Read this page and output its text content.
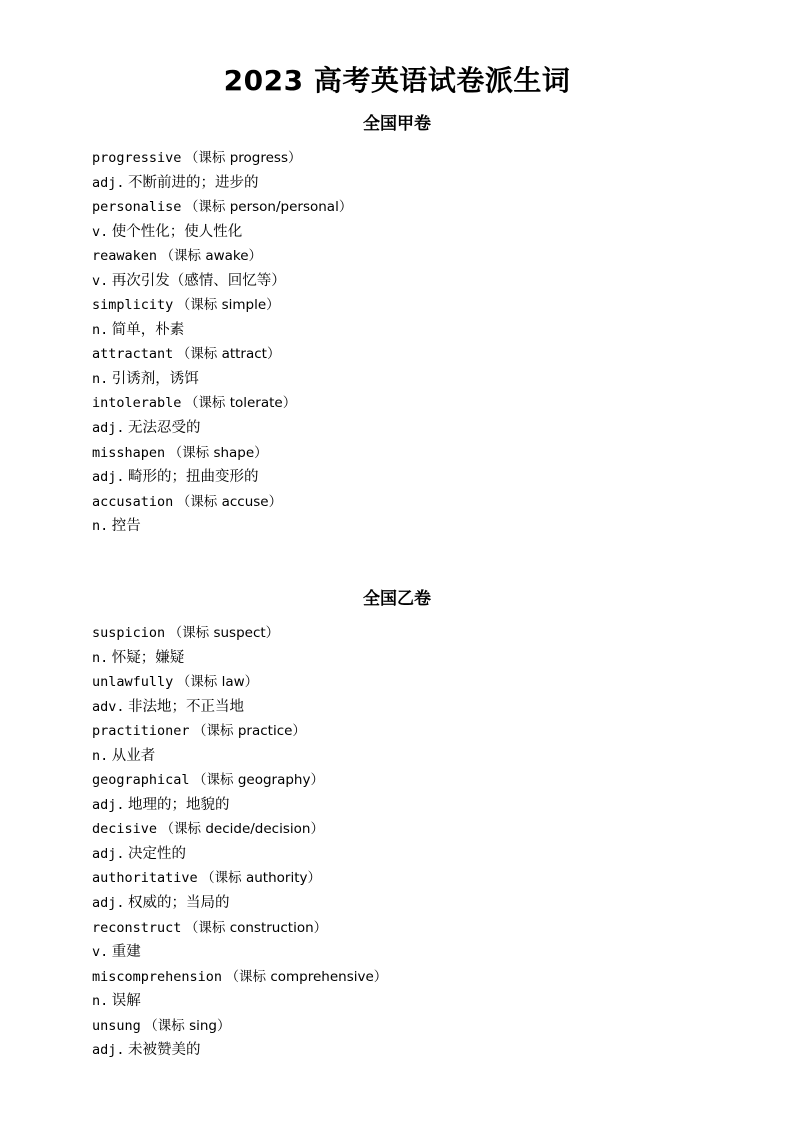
2023 高考英语试卷派生词
全国甲卷
progressive （课标 progress）
adj. 不断前进的；进步的
personalise （课标 person/personal）
v. 使个性化；使人性化
reawaken （课标 awake）
v. 再次引发（感情、回忆等）
simplicity （课标 simple）
n. 简单，朴素
attractant （课标 attract）
n. 引诱剂，诱饵
intolerable （课标 tolerate）
adj. 无法忍受的
misshapen （课标 shape）
adj. 畸形的；扭曲变形的
accusation （课标 accuse）
n. 控告
全国乙卷
suspicion （课标 suspect）
n. 怀疑；嫌疑
unlawfully （课标 law）
adv. 非法地；不正当地
practitioner （课标 practice）
n. 从业者
geographical （课标 geography）
adj. 地理的；地貌的
decisive （课标 decide/decision）
adj. 决定性的
authoritative （课标 authority）
adj. 权威的；当局的
reconstruct （课标 construction）
v. 重建
miscomprehension （课标 comprehensive）
n. 误解
unsung （课标 sing）
adj. 未被赞美的
